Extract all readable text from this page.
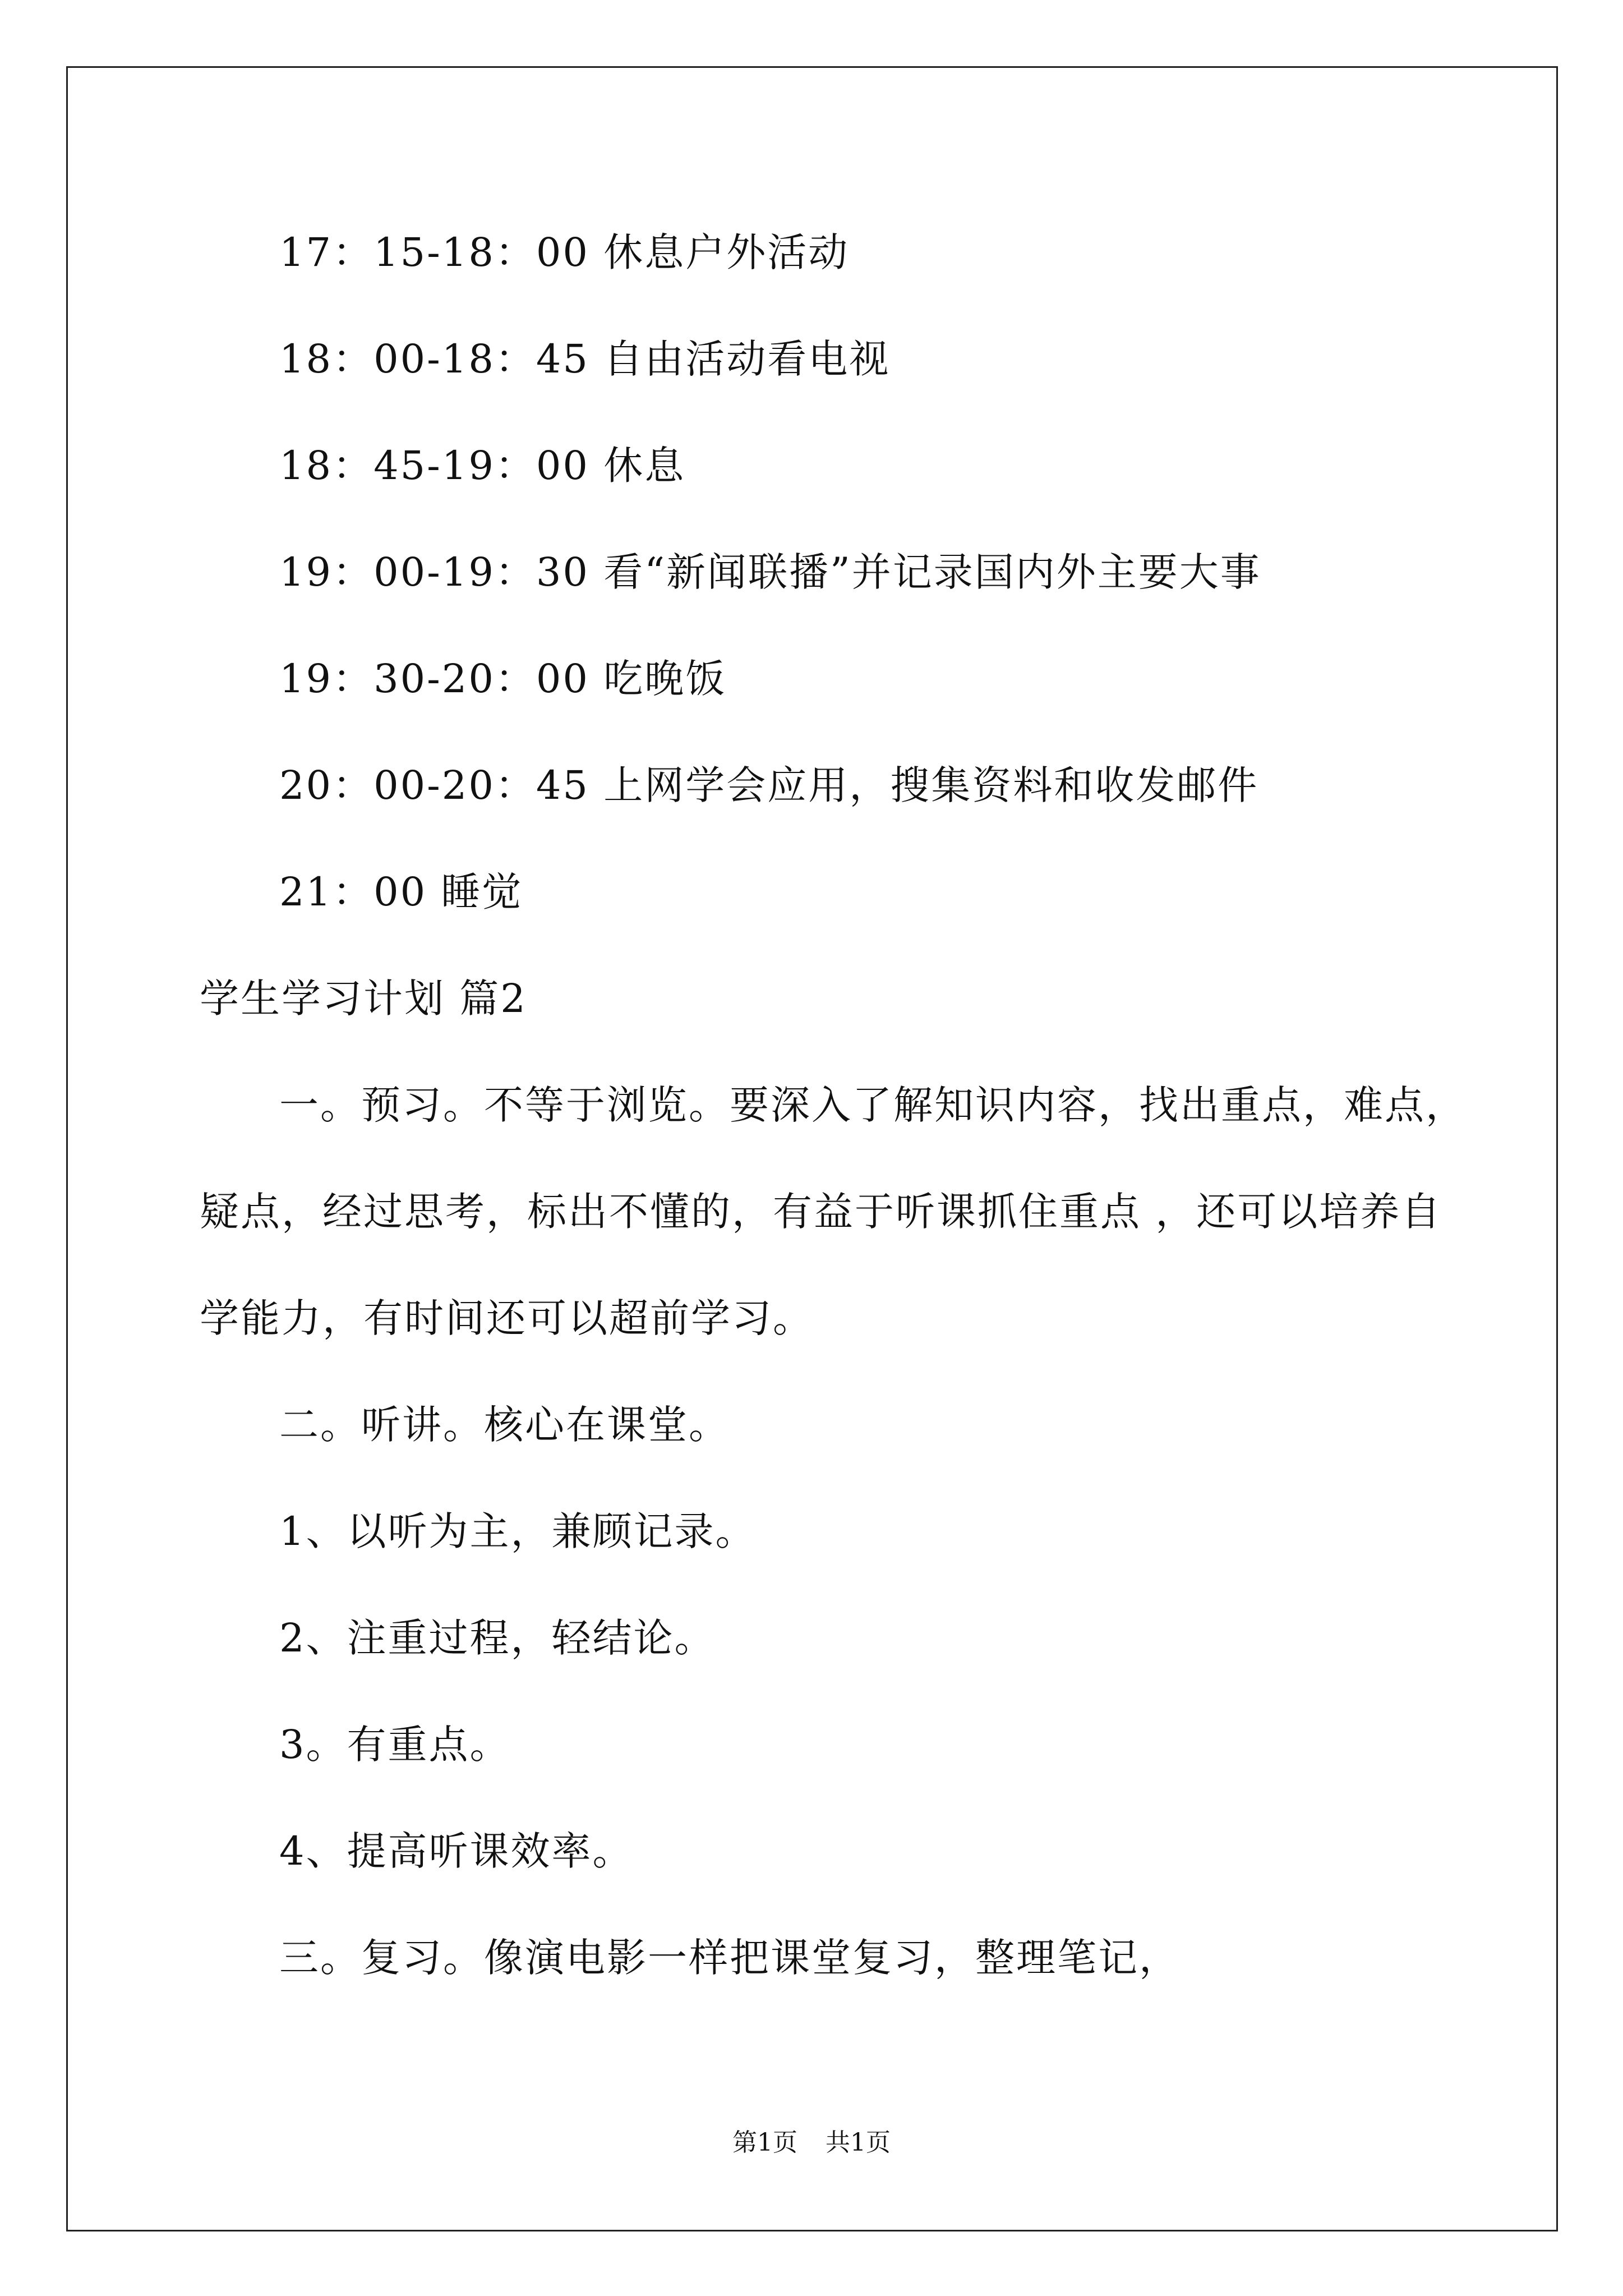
17：15-18：00 休息户外活动

18：00-18：45 自由活动看电视

18：45-19：00 休息

19：00-19：30 看“新闻联播”并记录国内外主要大事

19：30-20：00 吃晚饭

20：00-20：45 上网学会应用，搜集资料和收发邮件

21：00 睡觉

学生学习计划 篇2

一。预习。不等于浏览。要深入了解知识内容，找出重点，难点，

疑点，经过思考，标出不懂的，有益于听课抓住重点 ，还可以培养自

学能力，有时间还可以超前学习。

二。听讲。核心在课堂。

1、以听为主，兼顾记录。

2、注重过程，轻结论。

3。有重点。

4、提高听课效率。

三。复习。像演电影一样把课堂复习，整理笔记，

第1页 共1页
